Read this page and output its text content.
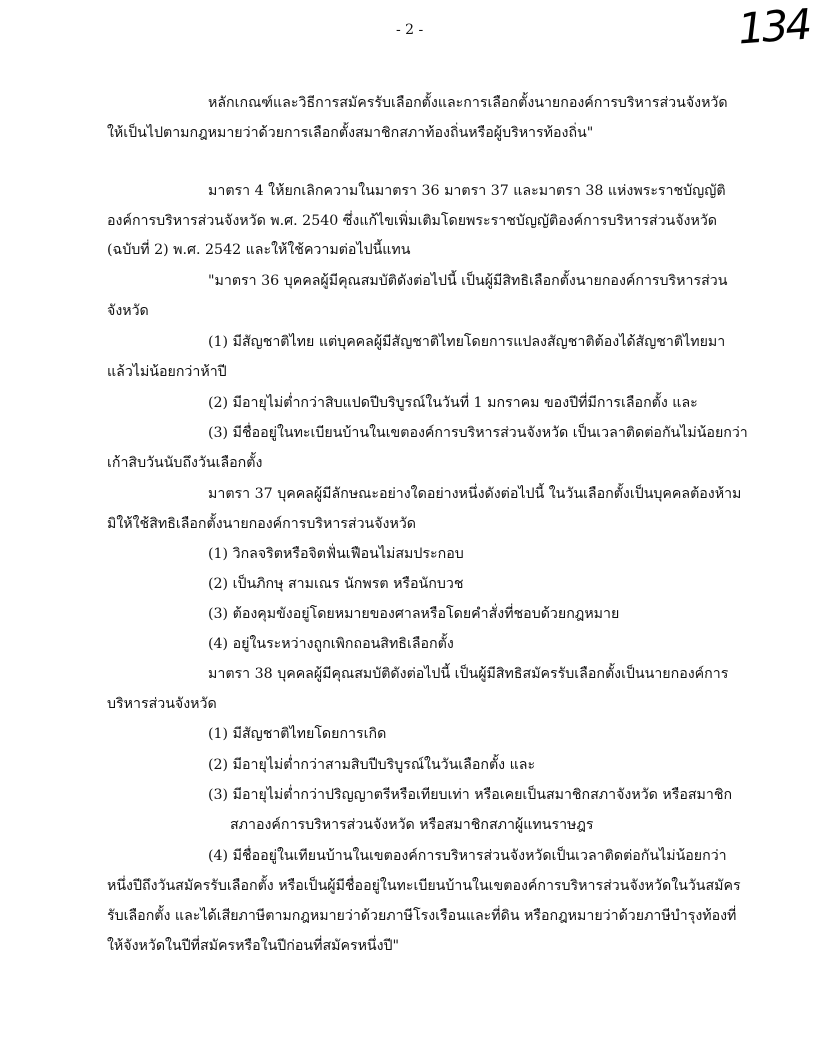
- 2 -	134
หลักเกณฑ์และวิธีการสมัครรับเลือกตั้งและการเลือกตั้งนายกองค์การบริหารส่วนจังหวัด
ให้เป็นไปตามกฎหมายว่าด้วยการเลือกตั้งสมาชิกสภาท้องถิ่นหรือผู้บริหารท้องถิ่น"
มาตรา 4 ให้ยกเลิกความในมาตรา 36 มาตรา 37 และมาตรา 38 แห่งพระราชบัญญัติ
องค์การบริหารส่วนจังหวัด พ.ศ. 2540 ซึ่งแก้ไขเพิ่มเติมโดยพระราชบัญญัติองค์การบริหารส่วนจังหวัด
(ฉบับที่ 2) พ.ศ. 2542 และให้ใช้ความต่อไปนี้แทน
"มาตรา 36 บุคคลผู้มีคุณสมบัติดังต่อไปนี้ เป็นผู้มีสิทธิเลือกตั้งนายกองค์การบริหารส่วน
จังหวัด
(1) มีสัญชาติไทย แต่บุคคลผู้มีสัญชาติไทยโดยการแปลงสัญชาติต้องได้สัญชาติไทยมา
แล้วไม่น้อยกว่าห้าปี
(2) มีอายุไม่ต่ำกว่าสิบแปดปีบริบูรณ์ในวันที่ 1 มกราคม ของปีที่มีการเลือกตั้ง และ
(3) มีชื่ออยู่ในทะเบียนบ้านในเขตองค์การบริหารส่วนจังหวัด เป็นเวลาติดต่อกันไม่น้อยกว่า
เก้าสิบวันนับถึงวันเลือกตั้ง
มาตรา 37 บุคคลผู้มีลักษณะอย่างใดอย่างหนึ่งดังต่อไปนี้ ในวันเลือกตั้งเป็นบุคคลต้องห้าม
มิให้ใช้สิทธิเลือกตั้งนายกองค์การบริหารส่วนจังหวัด
(1) วิกลจริตหรือจิตฟั่นเฟือนไม่สมประกอบ
(2) เป็นภิกษุ สามเณร นักพรต หรือนักบวช
(3) ต้องคุมขังอยู่โดยหมายของศาลหรือโดยคำสั่งที่ชอบด้วยกฎหมาย
(4) อยู่ในระหว่างถูกเพิกถอนสิทธิเลือกตั้ง
มาตรา 38 บุคคลผู้มีคุณสมบัติดังต่อไปนี้ เป็นผู้มีสิทธิสมัครรับเลือกตั้งเป็นนายกองค์การ
บริหารส่วนจังหวัด
(1) มีสัญชาติไทยโดยการเกิด
(2) มีอายุไม่ต่ำกว่าสามสิบปีบริบูรณ์ในวันเลือกตั้ง และ
(3) มีอายุไม่ต่ำกว่าปริญญาตรีหรือเทียบเท่า หรือเคยเป็นสมาชิกสภาจังหวัด หรือสมาชิก
สภาองค์การบริหารส่วนจังหวัด หรือสมาชิกสภาผู้แทนราษฎร
(4) มีชื่ออยู่ในเทียนบ้านในเขตองค์การบริหารส่วนจังหวัดเป็นเวลาติดต่อกันไม่น้อยกว่า
หนึ่งปีถึงวันสมัครรับเลือกตั้ง หรือเป็นผู้มีชื่ออยู่ในทะเบียนบ้านในเขตองค์การบริหารส่วนจังหวัดในวันสมัคร
รับเลือกตั้ง และได้เสียภาษีตามกฎหมายว่าด้วยภาษีโรงเรือนและที่ดิน หรือกฎหมายว่าด้วยภาษีบำรุงท้องที่
ให้จังหวัดในปีที่สมัครหรือในปีก่อนที่สมัครหนึ่งปี"
